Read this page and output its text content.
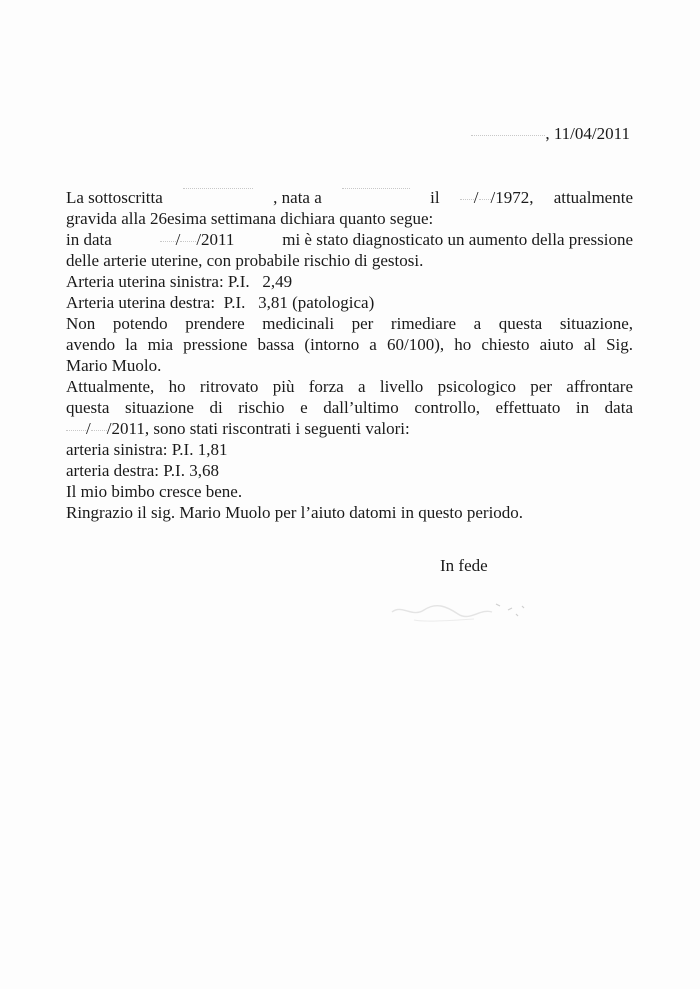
, 11/04/2011
La sottoscritta	, nata a	il	/ /1972, attualmente
gravida alla 26esima settimana dichiara quanto segue:
in data	/ /2011	mi è stato diagnosticato un aumento della pressione
delle arterie uterine, con probabile rischio di gestosi.
Arteria uterina sinistra: P.I.   2,49
Arteria uterina destra:  P.I.   3,81 (patologica)
Non potendo prendere medicinali per rimediare a questa situazione,
avendo la mia pressione bassa (intorno a 60/100), ho chiesto aiuto al Sig.
Mario Muolo.
Attualmente, ho ritrovato più forza a livello psicologico per affrontare
questa situazione di rischio e dall’ultimo controllo, effettuato in data
/ /2011, sono stati riscontrati i seguenti valori:
arteria sinistra: P.I. 1,81
arteria destra: P.I. 3,68
Il mio bimbo cresce bene.
Ringrazio il sig. Mario Muolo per l’aiuto datomi in questo periodo.
In fede
